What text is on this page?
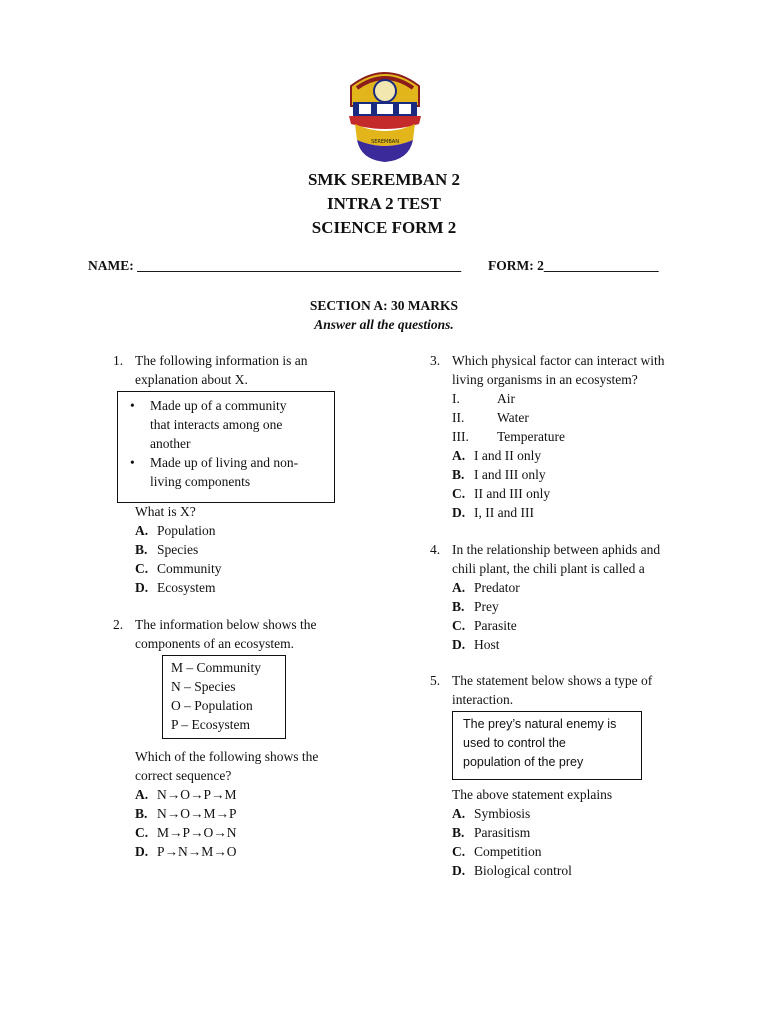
SEREMBAN
SMK SEREMBAN 2
INTRA 2 TEST
SCIENCE FORM 2
NAME: ________________________________________________ FORM: 2_________________
SECTION A: 30 MARKS
Answer all the questions.
1. The following information is an
explanation about X.
• Made up of a community
that interacts among one
another
• Made up of living and non-
living components
What is X?
A. Population
B. Species
C. Community
D. Ecosystem
2. The information below shows the
components of an ecosystem.
M – Community
N – Species
O – Population
P – Ecosystem
Which of the following shows the
correct sequence?
A. N→O→P→M
B. N→O→M→P
C. M→P→O→N
D. P→N→M→O
3. Which physical factor can interact with
living organisms in an ecosystem?
I.	Air
II. Water
III. Temperature
A. I and II only
B. I and III only
C. II and III only
D. I, II and III
4. In the relationship between aphids and
chili plant, the chili plant is called a
A. Predator
B. Prey
C. Parasite
D. Host
5. The statement below shows a type of
interaction.
The prey’s natural enemy is
used to control the
population of the prey
The above statement explains
A. Symbiosis
B. Parasitism
C. Competition
D. Biological control
